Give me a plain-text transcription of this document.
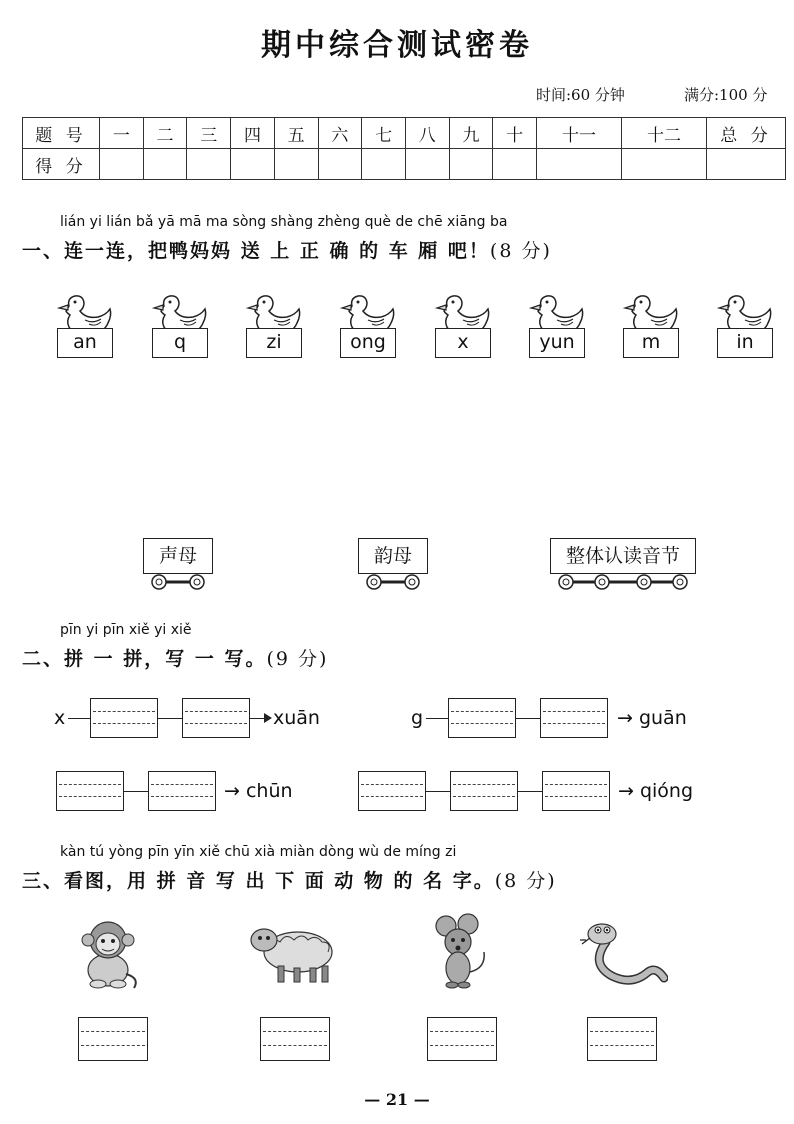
期中综合测试密卷
时间:60 分钟	满分:100 分
题 号	一	二	三	四	五	六	七	八	九	十	十一	十二	总 分
得 分													
lián yi lián bǎ yā mā ma sòng shàng zhèng què de chē xiāng ba
一、连一连，把鸭妈妈 送 上 正 确 的 车 厢 吧！(8 分)
an	q	zi	ong	x	yun	m	in
声母	韵母	整体认读音节
pīn yi pīn xiě yi xiě
二、拼 一 拼，写 一 写。(9 分)
x	xuān	g	→ guān
→ chūn	→ qióng
kàn tú yòng pīn yīn xiě chū xià miàn dòng wù de míng zi
三、看图，用 拼 音 写 出 下 面 动 物 的 名 字。(8 分)
— 21 —
